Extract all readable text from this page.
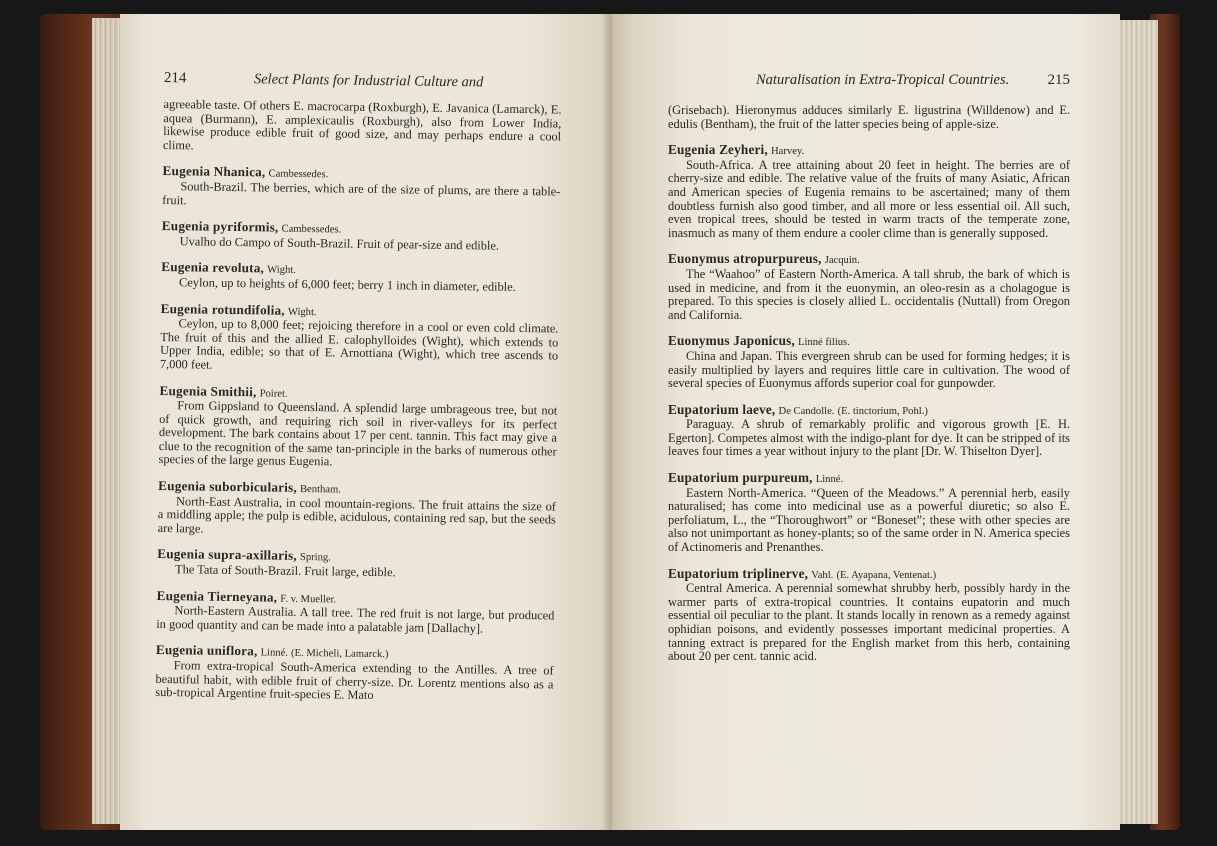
214	Select Plants for Industrial Culture and

agreeable taste. Of others E. macrocarpa (Roxburgh), E. Javanica (Lamarck), E. aquea (Burmann), E. amplexicaulis (Roxburgh), also from Lower India, likewise produce edible fruit of good size, and may perhaps endure a cool clime.

Eugenia Nhanica, Cambessedes.

South-Brazil. The berries, which are of the size of plums, are there a table-fruit.

Eugenia pyriformis, Cambessedes.

Uvalho do Campo of South-Brazil. Fruit of pear-size and edible.

Eugenia revoluta, Wight.

Ceylon, up to heights of 6,000 feet; berry 1 inch in diameter, edible.

Eugenia rotundifolia, Wight.

Ceylon, up to 8,000 feet; rejoicing therefore in a cool or even cold climate. The fruit of this and the allied E. calophylloides (Wight), which extends to Upper India, edible; so that of E. Arnottiana (Wight), which tree ascends to 7,000 feet.

Eugenia Smithii, Poiret.

From Gippsland to Queensland. A splendid large umbrageous tree, but not of quick growth, and requiring rich soil in river-valleys for its perfect development. The bark contains about 17 per cent. tannin. This fact may give a clue to the recognition of the same tan-principle in the barks of numerous other species of the large genus Eugenia.

Eugenia suborbicularis, Bentham.

North-East Australia, in cool mountain-regions. The fruit attains the size of a middling apple; the pulp is edible, acidulous, containing red sap, but the seeds are large.

Eugenia supra-axillaris, Spring.

The Tata of South-Brazil. Fruit large, edible.

Eugenia Tierneyana, F. v. Mueller.

North-Eastern Australia. A tall tree. The red fruit is not large, but produced in good quantity and can be made into a palatable jam [Dallachy].

Eugenia uniflora, Linné. (E. Micheli, Lamarck.)

From extra-tropical South-America extending to the Antilles. A tree of beautiful habit, with edible fruit of cherry-size. Dr. Lorentz mentions also as a sub-tropical Argentine fruit-species E. Mato

Naturalisation in Extra-Tropical Countries.	215

(Grisebach). Hieronymus adduces similarly E. ligustrina (Willdenow) and E. edulis (Bentham), the fruit of the latter species being of apple-size.

Eugenia Zeyheri, Harvey.

South-Africa. A tree attaining about 20 feet in height. The berries are of cherry-size and edible. The relative value of the fruits of many Asiatic, African and American species of Eugenia remains to be ascertained; many of them doubtless furnish also good timber, and all more or less essential oil. All such, even tropical trees, should be tested in warm tracts of the temperate zone, inasmuch as many of them endure a cooler clime than is generally supposed.

Euonymus atropurpureus, Jacquin.

The “Waahoo” of Eastern North-America. A tall shrub, the bark of which is used in medicine, and from it the euonymin, an oleo-resin as a cholagogue is prepared. To this species is closely allied L. occidentalis (Nuttall) from Oregon and California.

Euonymus Japonicus, Linné filius.

China and Japan. This evergreen shrub can be used for forming hedges; it is easily multiplied by layers and requires little care in cultivation. The wood of several species of Euonymus affords superior coal for gunpowder.

Eupatorium laeve, De Candolle. (E. tinctorium, Pohl.)

Paraguay. A shrub of remarkably prolific and vigorous growth [E. H. Egerton]. Competes almost with the indigo-plant for dye. It can be stripped of its leaves four times a year without injury to the plant [Dr. W. Thiselton Dyer].

Eupatorium purpureum, Linné.

Eastern North-America. “Queen of the Meadows.” A perennial herb, easily naturalised; has come into medicinal use as a powerful diuretic; so also E. perfoliatum, L., the “Thoroughwort” or “Boneset”; these with other species are also not unimportant as honey-plants; so of the same order in N. America species of Actinomeris and Prenanthes.

Eupatorium triplinerve, Vahl. (E. Ayapana, Ventenat.)

Central America. A perennial somewhat shrubby herb, possibly hardy in the warmer parts of extra-tropical countries. It contains eupatorin and much essential oil peculiar to the plant. It stands locally in renown as a remedy against ophidian poisons, and evidently possesses important medicinal properties. A tanning extract is prepared for the English market from this herb, containing about 20 per cent. tannic acid.
